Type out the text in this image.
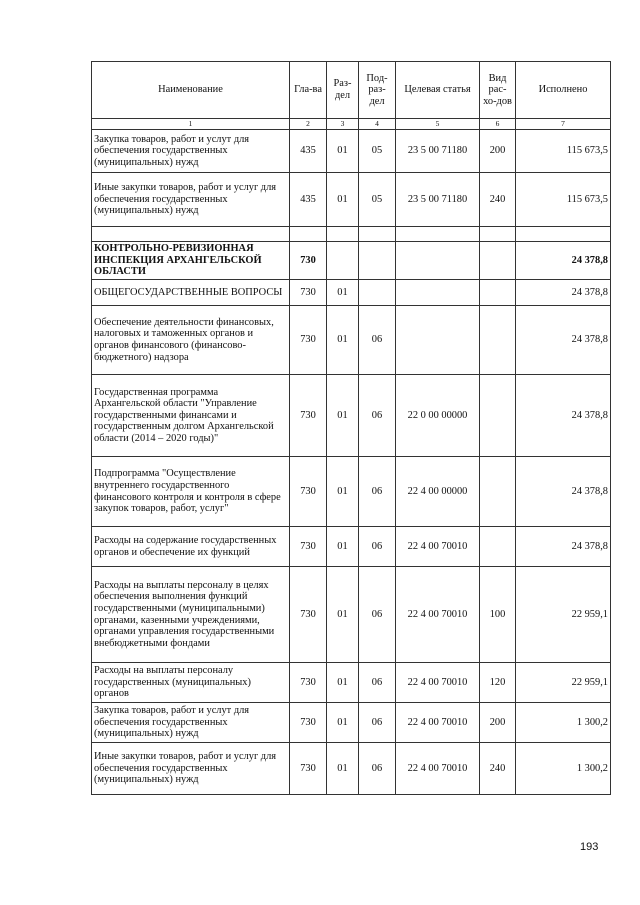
Наименование	Гла-ва	Раз-дел	Под-раз-дел	Целевая статья	Вид рас-хо-дов	Исполнено
1	2	3	4	5	6	7
Закупка товаров, работ и услут для обеспечения государственных (муниципальных) нужд	435	01	05	23 5 00 71180	200	115 673,5
Иные закупки товаров, работ и услуг для обеспечения государственных (муниципальных) нужд	435	01	05	23 5 00 71180	240	115 673,5

КОНТРОЛЬНО-РЕВИЗИОННАЯ ИНСПЕКЦИЯ АРХАНГЕЛЬСКОЙ ОБЛАСТИ	730					24 378,8
ОБЩЕГОСУДАРСТВЕННЫЕ ВОПРОСЫ	730	01				24 378,8
Обеспечение деятельности финансовых, налоговых и таможенных органов и органов финансового (финансово-бюджетного) надзора	730	01	06			24 378,8
Государственная программа Архангельской области "Управление государственными финансами и государственным долгом Архангельской области (2014 – 2020 годы)"	730	01	06	22 0 00 00000		24 378,8
Подпрограмма "Осуществление внутреннего государственного финансового контроля и контроля в сфере закупок товаров, работ, услуг"	730	01	06	22 4 00 00000		24 378,8
Расходы на содержание государственных органов и обеспечение их функций	730	01	06	22 4 00 70010		24 378,8
Расходы на выплаты персоналу в целях обеспечения выполнения функций государственными (муниципальными) органами, казенными учреждениями, органами управления государственными внебюджетными фондами	730	01	06	22 4 00 70010	100	22 959,1
Расходы на выплаты персоналу государственных (муниципальных) органов	730	01	06	22 4 00 70010	120	22 959,1
Закупка товаров, работ и услут для обеспечения государственных (муниципальных) нужд	730	01	06	22 4 00 70010	200	1 300,2
Иные закупки товаров, работ и услуг для обеспечения государственных (муниципальных) нужд	730	01	06	22 4 00 70010	240	1 300,2
193
